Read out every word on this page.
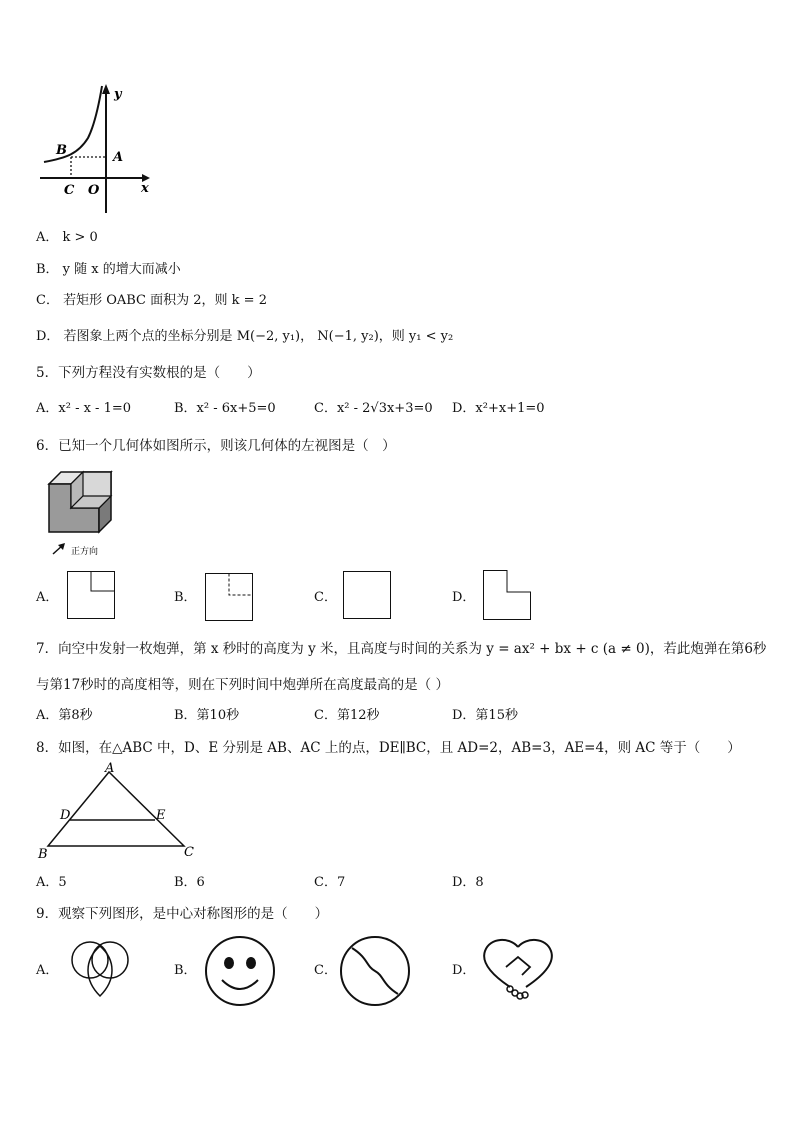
y
B	A
C O	x
A． k > 0
B． y 随 x 的增大而减小
C． 若矩形 OABC 面积为 2，则 k = 2
D． 若图象上两个点的坐标分别是 M(−2, y₁)， N(−1, y₂)，则 y₁ < y₂
5．下列方程没有实数根的是（　　）
A．x² - x - 1=0	B．x² - 6x+5=0	C．x² - 2√3x+3=0 D．x²+x+1=0
6．已知一个几何体如图所示，则该几何体的左视图是（　）
正方向
A．	B．	C．	D．
7．向空中发射一枚炮弹，第 x 秒时的高度为 y 米，且高度与时间的关系为 y = ax² + bx + c (a ≠ 0)，若此炮弹在第6秒
与第17秒时的高度相等，则在下列时间中炮弹所在高度最高的是（ ）
A．第8秒	B．第10秒	C．第12秒	D．第15秒
8．如图，在△ABC 中，D、E 分别是 AB、AC 上的点，DE∥BC，且 AD=2，AB=3，AE=4，则 AC 等于（　　）
A
D	E
B	C
A．5	B．6	C．7	D．8
9．观察下列图形，是中心对称图形的是（　　）
A．	B．	C．	D．
